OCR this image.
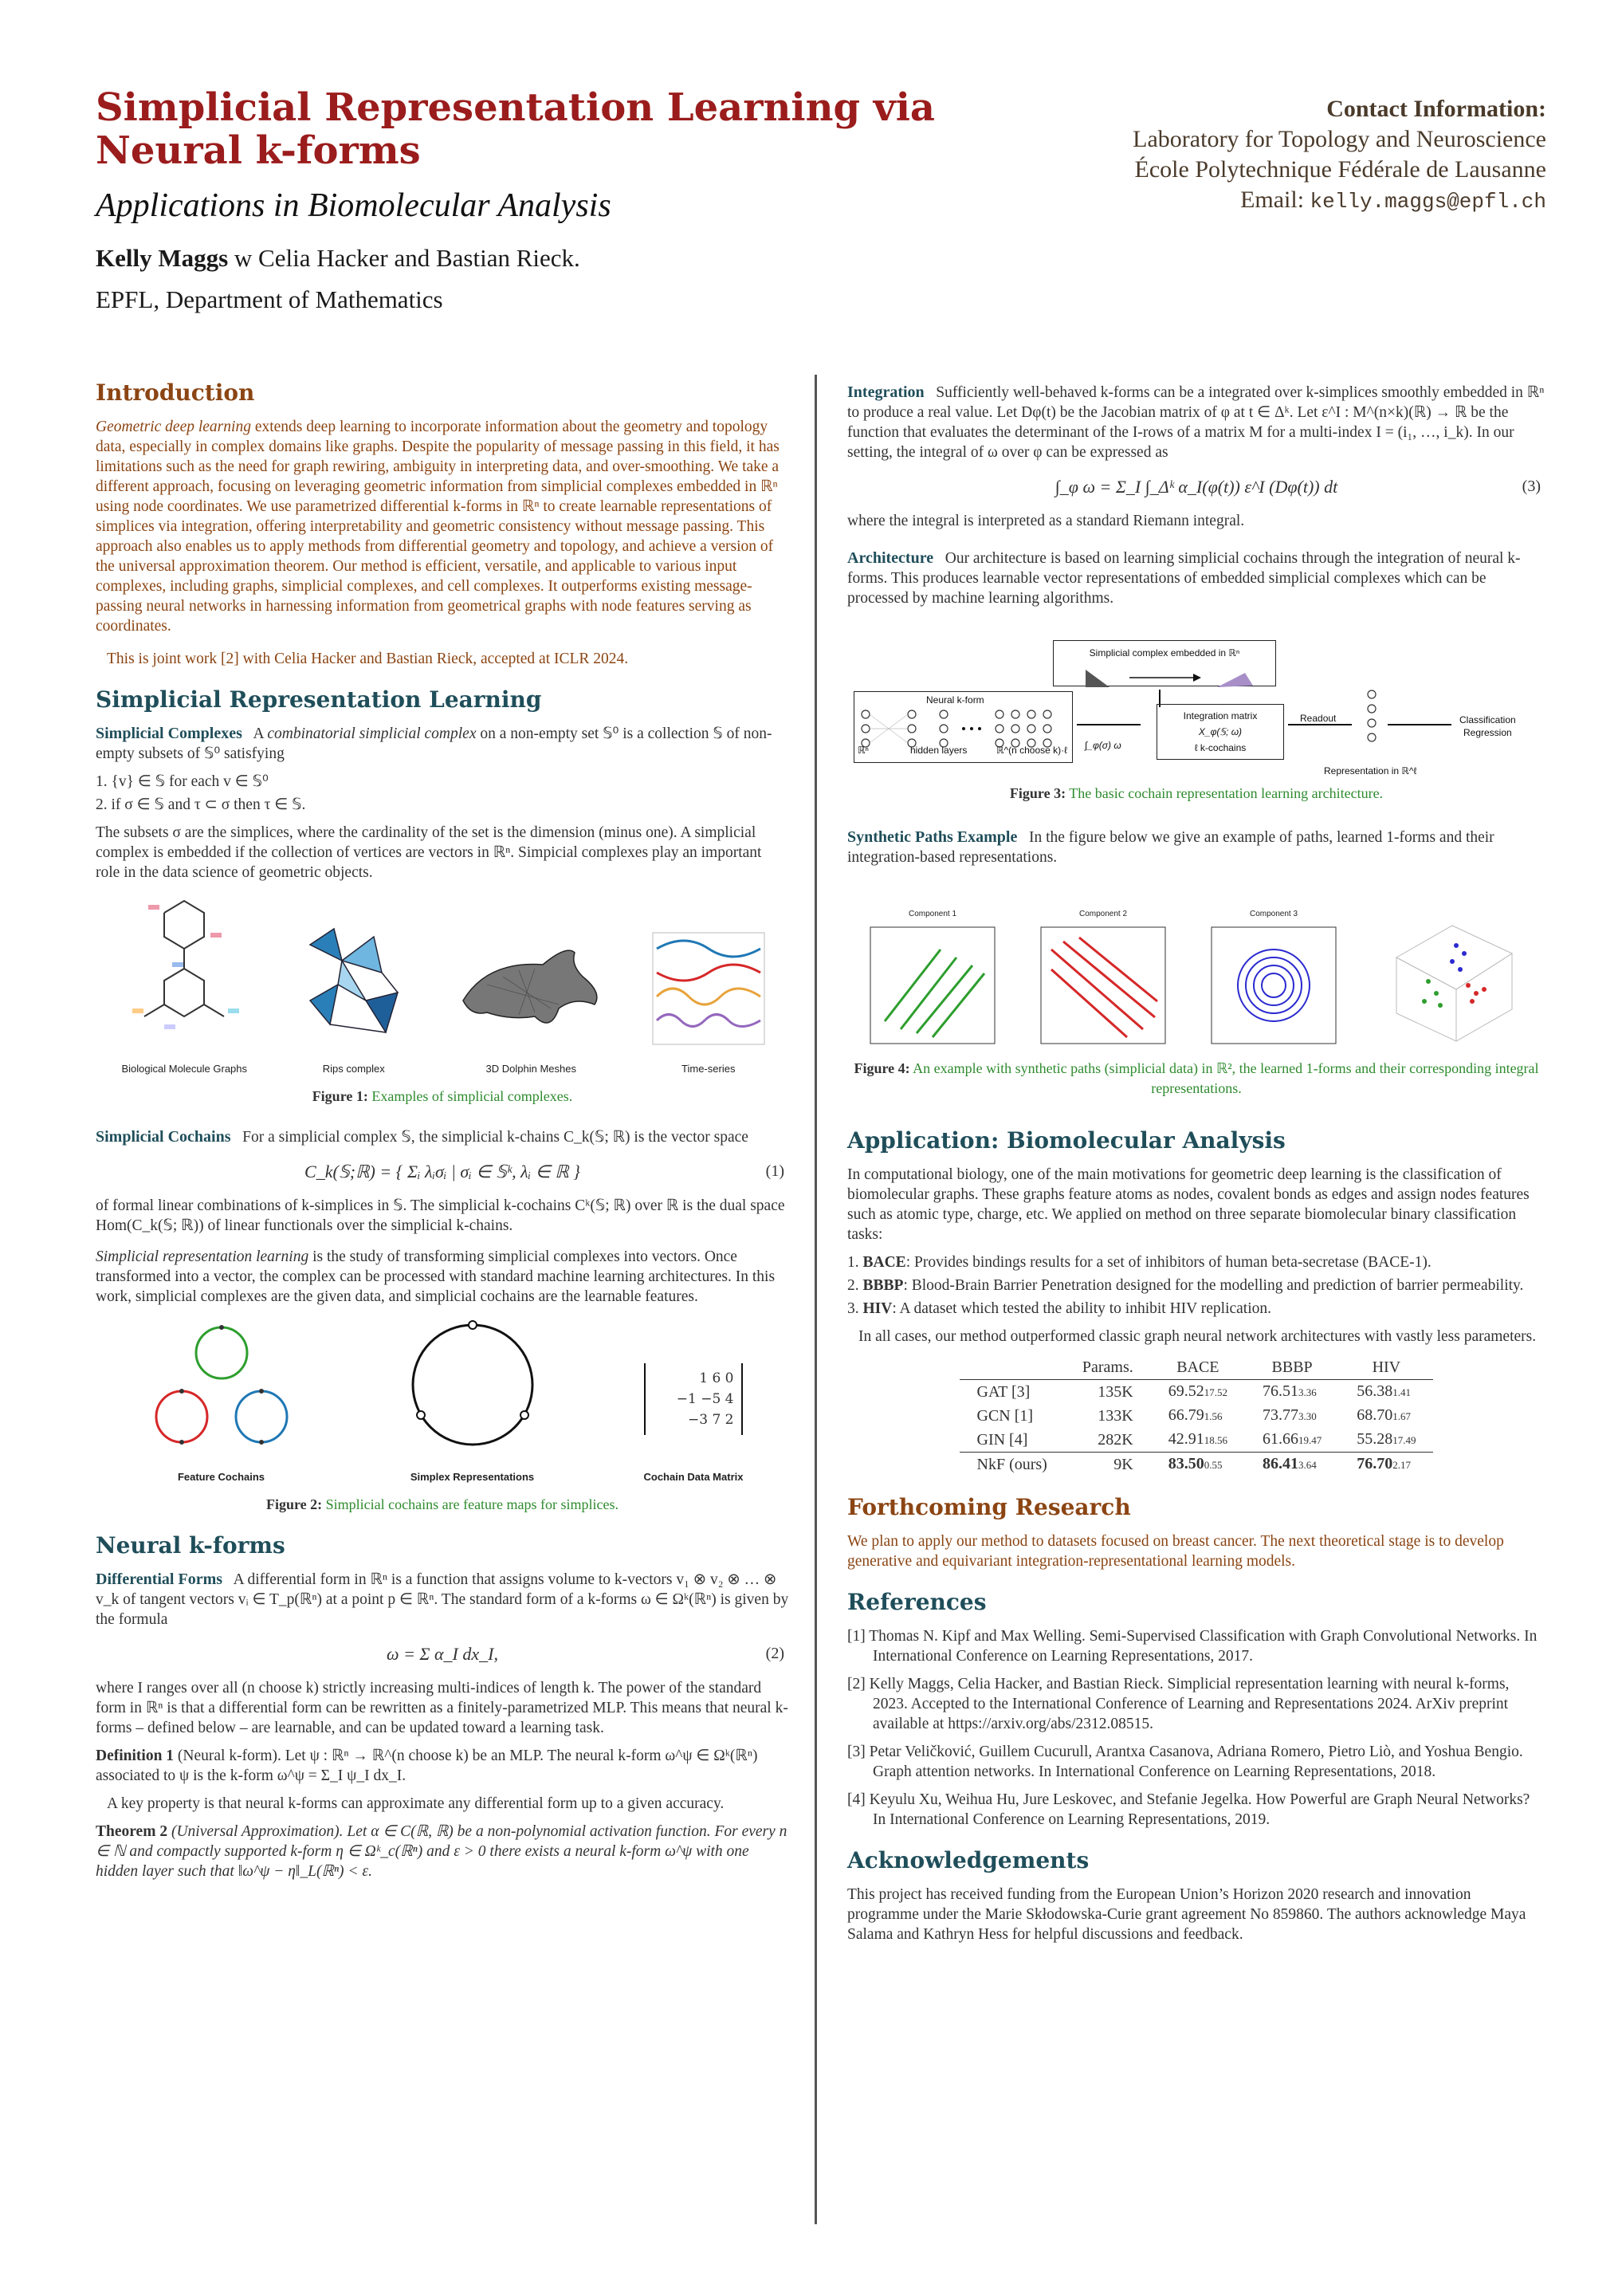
Simplicial Representation Learning via
Neural k-forms
Applications in Biomolecular Analysis
Kelly Maggs w Celia Hacker and Bastian Rieck.
EPFL, Department of Mathematics
Contact Information:
Laboratory for Topology and Neuroscience
École Polytechnique Fédérale de Lausanne
Email: kelly.maggs@epfl.ch
Introduction

Geometric deep learning extends deep learning to incorporate information about the geometry and topology data, especially in complex domains like graphs. Despite the popularity of message passing in this field, it has limitations such as the need for graph rewiring, ambiguity in interpreting data, and over-smoothing. We take a different approach, focusing on leveraging geometric information from simplicial complexes embedded in ℝⁿ using node coordinates. We use parametrized differential k-forms in ℝⁿ to create learnable representations of simplices via integration, offering interpretability and geometric consistency without message passing. This approach also enables us to apply methods from differential geometry and topology, and achieve a version of the universal approximation theorem. Our method is efficient, versatile, and applicable to various input complexes, including graphs, simplicial complexes, and cell complexes. It outperforms existing message-passing neural networks in harnessing information from geometrical graphs with node features serving as coordinates.

This is joint work [2] with Celia Hacker and Bastian Rieck, accepted at ICLR 2024.

Simplicial Representation Learning

Simplicial Complexes A combinatorial simplicial complex on a non-empty set 𝕊⁰ is a collection 𝕊 of non-empty subsets of 𝕊⁰ satisfying

1. {v} ∈ 𝕊 for each v ∈ 𝕊⁰
2. if σ ∈ 𝕊 and τ ⊂ σ then τ ∈ 𝕊.

The subsets σ are the simplices, where the cardinality of the set is the dimension (minus one). A simplicial complex is embedded if the collection of vertices are vectors in ℝⁿ. Simpicial complexes play an important role in the data science of geometric objects.

Biological Molecule Graphs	Rips complex	3D Dolphin Meshes	Time-series
Figure 1: Examples of simplicial complexes.

Simplicial Cochains For a simplicial complex 𝕊, the simplicial k-chains C_k(𝕊; ℝ) is the vector space

C_k(𝕊;ℝ) = { Σᵢ λᵢσᵢ | σᵢ ∈ 𝕊ᵏ, λᵢ ∈ ℝ }	(1)

of formal linear combinations of k-simplices in 𝕊. The simplicial k-cochains Cᵏ(𝕊; ℝ) over ℝ is the dual space Hom(C_k(𝕊; ℝ)) of linear functionals over the simplicial k-chains.

Simplicial representation learning is the study of transforming simplicial complexes into vectors. Once transformed into a vector, the complex can be processed with standard machine learning architectures. In this work, simplicial complexes are the given data, and simplicial cochains are the learnable features.

Feature Cochains	Simplex Representations
1 6 0
−1 −5 4
−3 7 2
Cochain Data Matrix
Figure 2: Simplicial cochains are feature maps for simplices.
Neural k-forms

Differential Forms A differential form in ℝⁿ is a function that assigns volume to k-vectors v₁ ⊗ v₂ ⊗ … ⊗ v_k of tangent vectors vᵢ ∈ T_p(ℝⁿ) at a point p ∈ ℝⁿ. The standard form of a k-forms ω ∈ Ωᵏ(ℝⁿ) is given by the formula

ω = Σ α_I dx_I,	(2)

where I ranges over all (n choose k) strictly increasing multi-indices of length k. The power of the standard form in ℝⁿ is that a differential form can be rewritten as a finitely-parametrized MLP. This means that neural k-forms – defined below – are learnable, and can be updated toward a learning task.

Definition 1 (Neural k-form). Let ψ : ℝⁿ → ℝ^(n choose k) be an MLP. The neural k-form ω^ψ ∈ Ωᵏ(ℝⁿ) associated to ψ is the k-form ω^ψ = Σ_I ψ_I dx_I.

A key property is that neural k-forms can approximate any differential form up to a given accuracy.

Theorem 2 (Universal Approximation). Let α ∈ C(ℝ, ℝ) be a non-polynomial activation function. For every n ∈ ℕ and compactly supported k-form η ∈ Ωᵏ_c(ℝⁿ) and ε > 0 there exists a neural k-form ω^ψ with one hidden layer such that ‖ω^ψ − η‖_L(ℝⁿ) < ε.

Integration Sufficiently well-behaved k-forms can be a integrated over k-simplices smoothly embedded in ℝⁿ to produce a real value. Let Dφ(t) be the Jacobian matrix of φ at t ∈ Δᵏ. Let ε^I : M^(n×k)(ℝ) → ℝ be the function that evaluates the determinant of the I-rows of a matrix M for a multi-index I = (i₁, …, i_k). In our setting, the integral of ω over φ can be expressed as

∫_φ ω = Σ_I ∫_Δᵏ α_I(φ(t)) ε^I (Dφ(t)) dt	(3)

where the integral is interpreted as a standard Riemann integral.

Architecture Our architecture is based on learning simplicial cochains through the integration of neural k-forms. This produces learnable vector representations of embedded simplicial complexes which can be processed by machine learning algorithms.

Simplicial complex embedded in ℝⁿ
Neural k-form
ℝⁿ	hidden layers	ℝ^(n choose k)·ℓ ∫_φ(σ) ω
Integration matrix
X_φ(𝕊; ω)
ℓ k-cochains
Readout
Representation in ℝ^ℓ
Classification
Regression
Figure 3: The basic cochain representation learning architecture.

Synthetic Paths Example In the figure below we give an example of paths, learned 1-forms and their integration-based representations.

Component 1	Component 2	Component 3
Figure 4: An example with synthetic paths (simplicial data) in ℝ², the learned 1-forms and their corresponding integral representations.
Application: Biomolecular Analysis

In computational biology, one of the main motivations for geometric deep learning is the classification of biomolecular graphs. These graphs feature atoms as nodes, covalent bonds as edges and assign nodes features such as atomic type, charge, etc. We applied on method on three separate biomolecular binary classification tasks:

1. BACE: Provides bindings results for a set of inhibitors of human beta-secretase (BACE-1).
2. BBBP: Blood-Brain Barrier Penetration designed for the modelling and prediction of barrier permeability.
3. HIV: A dataset which tested the ability to inhibit HIV replication.

In all cases, our method outperformed classic graph neural network architectures with vastly less parameters.

	Params.	BACE	BBBP	HIV
GAT [3]	135K	69.5217.52	76.513.36	56.381.41
GCN [1]	133K	66.791.56	73.773.30	68.701.67
GIN [4]	282K	42.9118.56	61.6619.47	55.2817.49
NkF (ours)	9K	83.500.55	86.413.64	76.702.17
Forthcoming Research

We plan to apply our method to datasets focused on breast cancer. The next theoretical stage is to develop generative and equivariant integration-representational learning models.

References

[1] Thomas N. Kipf and Max Welling. Semi-Supervised Classification with Graph Convolutional Networks. In International Conference on Learning Representations, 2017.

[2] Kelly Maggs, Celia Hacker, and Bastian Rieck. Simplicial representation learning with neural k-forms, 2023. Accepted to the International Conference of Learning and Representations 2024. ArXiv preprint available at https://arxiv.org/abs/2312.08515.

[3] Petar Veličković, Guillem Cucurull, Arantxa Casanova, Adriana Romero, Pietro Liò, and Yoshua Bengio. Graph attention networks. In International Conference on Learning Representations, 2018.

[4] Keyulu Xu, Weihua Hu, Jure Leskovec, and Stefanie Jegelka. How Powerful are Graph Neural Networks? In International Conference on Learning Representations, 2019.

Acknowledgements

This project has received funding from the European Union’s Horizon 2020 research and innovation programme under the Marie Skłodowska-Curie grant agreement No 859860. The authors acknowledge Maya Salama and Kathryn Hess for helpful discussions and feedback.
